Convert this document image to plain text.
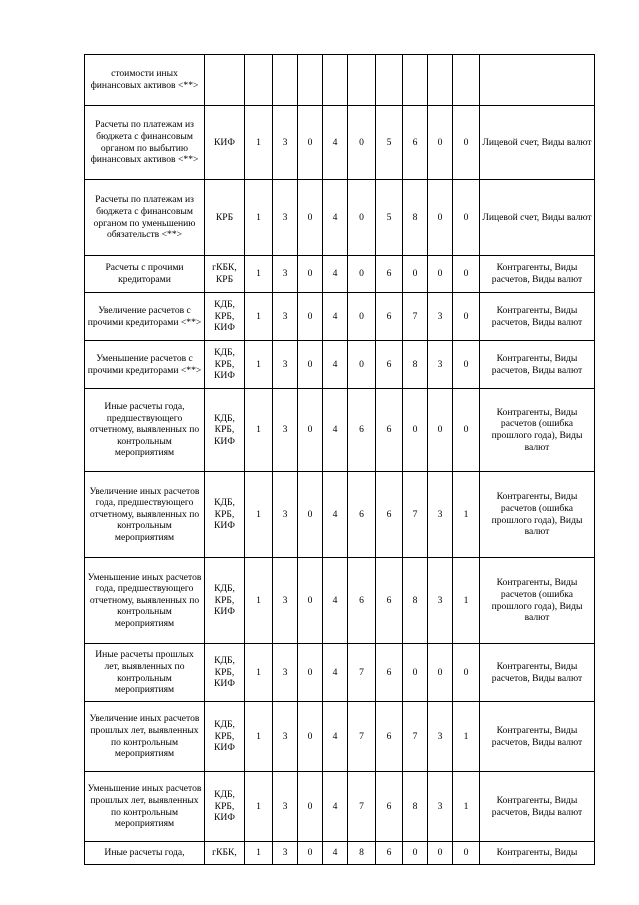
стоимости иных финансовых активов <**>											
Расчеты по платежам из бюджета с финансовым органом по выбытию финансовых активов <**>	КИФ	1	3	0	4	0	5	6	0	0	Лицевой счет, Виды валют
Расчеты по платежам из бюджета с финансовым органом по уменьшению обязательств <**>	КРБ	1	3	0	4	0	5	8	0	0	Лицевой счет, Виды валют
Расчеты с прочими кредиторами	гКБК, КРБ	1	3	0	4	0	6	0	0	0	Контрагенты, Виды расчетов, Виды валют
Увеличение расчетов с прочими кредиторами <**>	КДБ, КРБ, КИФ	1	3	0	4	0	6	7	3	0	Контрагенты, Виды расчетов, Виды валют
Уменьшение расчетов с прочими кредиторами <**>	КДБ, КРБ, КИФ	1	3	0	4	0	6	8	3	0	Контрагенты, Виды расчетов, Виды валют
Иные расчеты года, предшествующего отчетному, выявленных по контрольным мероприятиям	КДБ, КРБ, КИФ	1	3	0	4	6	6	0	0	0	Контрагенты, Виды расчетов (ошибка прошлого года), Виды валют
Увеличение иных расчетов года, предшествующего отчетному, выявленных по контрольным мероприятиям	КДБ, КРБ, КИФ	1	3	0	4	6	6	7	3	1	Контрагенты, Виды расчетов (ошибка прошлого года), Виды валют
Уменьшение иных расчетов года, предшествующего отчетному, выявленных по контрольным мероприятиям	КДБ, КРБ, КИФ	1	3	0	4	6	6	8	3	1	Контрагенты, Виды расчетов (ошибка прошлого года), Виды валют
Иные расчеты прошлых лет, выявленных по контрольным мероприятиям	КДБ, КРБ, КИФ	1	3	0	4	7	6	0	0	0	Контрагенты, Виды расчетов, Виды валют
Увеличение иных расчетов прошлых лет, выявленных по контрольным мероприятиям	КДБ, КРБ, КИФ	1	3	0	4	7	6	7	3	1	Контрагенты, Виды расчетов, Виды валют
Уменьшение иных расчетов прошлых лет, выявленных по контрольным мероприятиям	КДБ, КРБ, КИФ	1	3	0	4	7	6	8	3	1	Контрагенты, Виды расчетов, Виды валют
Иные расчеты года,	гКБК,	1	3	0	4	8	6	0	0	0	Контрагенты, Виды
